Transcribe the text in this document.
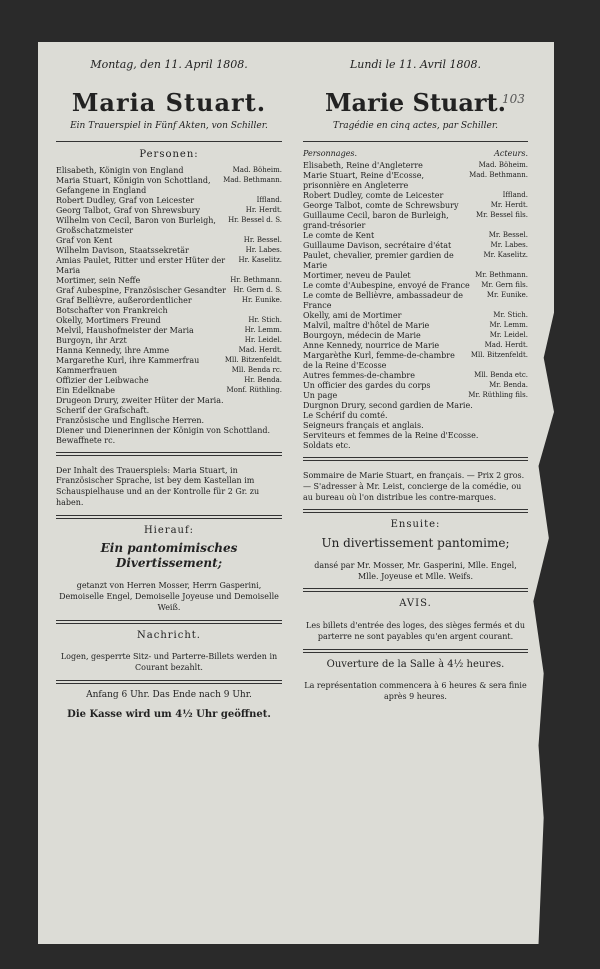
103
Montag, den 11. April 1808.
Maria Stuart.
Ein Trauerspiel in Fünf Akten, von Schiller.
Personen:
Elisabeth, Königin von England	Mad. Böheim.
Maria Stuart, Königin von Schottland, Gefangene in England
Mad. Bethmann.
Robert Dudley, Graf von Leicester	Iffland.
Georg Talbot, Graf von Shrewsbury	Hr. Herdt.
Wilhelm von Cecil, Baron von Burleigh, Großschatzmeister
Hr. Bessel d. S.
Graf von Kent	Hr. Bessel.
Wilhelm Davison, Staatssekretär	Hr. Labes.
Amias Paulet, Ritter und erster Hüter der Maria
Hr. Kaselitz.
Mortimer, sein Neffe	Hr. Bethmann.
Graf Aubespine, Französischer Gesandter	Hr. Gern d. S.
Graf Bellièvre, außerordentlicher Botschafter von Frankreich
Hr. Eunike.
Okelly, Mortimers Freund	Hr. Stich.
Melvil, Haushofmeister der Maria	Hr. Lemm.
Burgoyn, ihr Arzt	Hr. Leidel.
Hanna Kennedy, ihre Amme	Mad. Herdt.
Margarethe Kurl, ihre Kammerfrau	Mll. Bitzenfeldt.
Kammerfrauen	Mll. Benda rc.
Offizier der Leibwache	Hr. Benda.
Ein Edelknabe	Monf. Rüthling.
Drugeon Drury, zweiter Hüter der Maria.
Scherif der Grafschaft.
Französische und Englische Herren.
Diener und Dienerinnen der Königin von Schottland.
Bewaffnete rc.

Der Inhalt des Trauerspiels: Maria Stuart, in Französischer Sprache, ist bey dem Kastellan im Schauspielhause und an der Kontrolle für 2 Gr. zu haben.

Hierauf:
Ein pantomimisches Divertissement;
getanzt von Herren Mosser, Herrn Gasperini, Demoiselle Engel, Demoiselle Joyeuse und Demoiselle Weiß.
Nachricht.
Logen, gesperrte Sitz- und Parterre-Billets werden in Courant bezahlt.
Anfang 6 Uhr. Das Ende nach 9 Uhr.
Die Kasse wird um 4½ Uhr geöffnet.
Lundi le 11. Avril 1808.
Marie Stuart.
Tragédie en cinq actes, par Schiller.
Personnages.	Acteurs.
Elisabeth, Reine d'Angleterre	Mad. Böheim.
Marie Stuart, Reine d'Ecosse, prisonnière en Angleterre
Mad. Bethmann.
Robert Dudley, comte de Leicester	Iffland.
George Talbot, comte de Schrewsbury	Mr. Herdt.
Guillaume Cecil, baron de Burleigh, grand-trésorier
Mr. Bessel fils.
Le comte de Kent	Mr. Bessel.
Guillaume Davison, secrétaire d'état	Mr. Labes.
Paulet, chevalier, premier gardien de Marie
Mr. Kaselitz.
Mortimer, neveu de Paulet	Mr. Bethmann.
Le comte d'Aubespine, envoyé de France	Mr. Gern fils.
Le comte de Bellièvre, ambassadeur de France
Mr. Eunike.
Okelly, ami de Mortimer	Mr. Stich.
Malvil, maître d'hôtel de Marie	Mr. Lemm.
Bourgoyn, médecin de Marie	Mr. Leidel.
Anne Kennedy, nourrice de Marie	Mad. Herdt.
Margarèthe Kurl, femme-de-chambre de la Reine d'Ecosse
Mll. Bitzenfeldt.
Autres femmes-de-chambre	Mll. Benda etc.
Un officier des gardes du corps	Mr. Benda.
Un page	Mr. Rüthling fils.
Durgnon Drury, second gardien de Marie.
Le Schérif du comté.
Seigneurs français et anglais.
Serviteurs et femmes de la Reine d'Ecosse.
Soldats etc.

Sommaire de Marie Stuart, en français. — Prix 2 gros. — S'adresser à Mr. Leist, concierge de la comédie, ou au bureau où l'on distribue les contre-marques.

Ensuite:
Un divertissement pantomime;
dansé par Mr. Mosser, Mr. Gasperini, Mlle. Engel, Mlle. Joyeuse et Mlle. Weifs.
AVIS.
Les billets d'entrée des loges, des sièges fermés et du parterre ne sont payables qu'en argent courant.
Ouverture de la Salle à 4½ heures.
La représentation commencera à 6 heures & sera finie après 9 heures.
